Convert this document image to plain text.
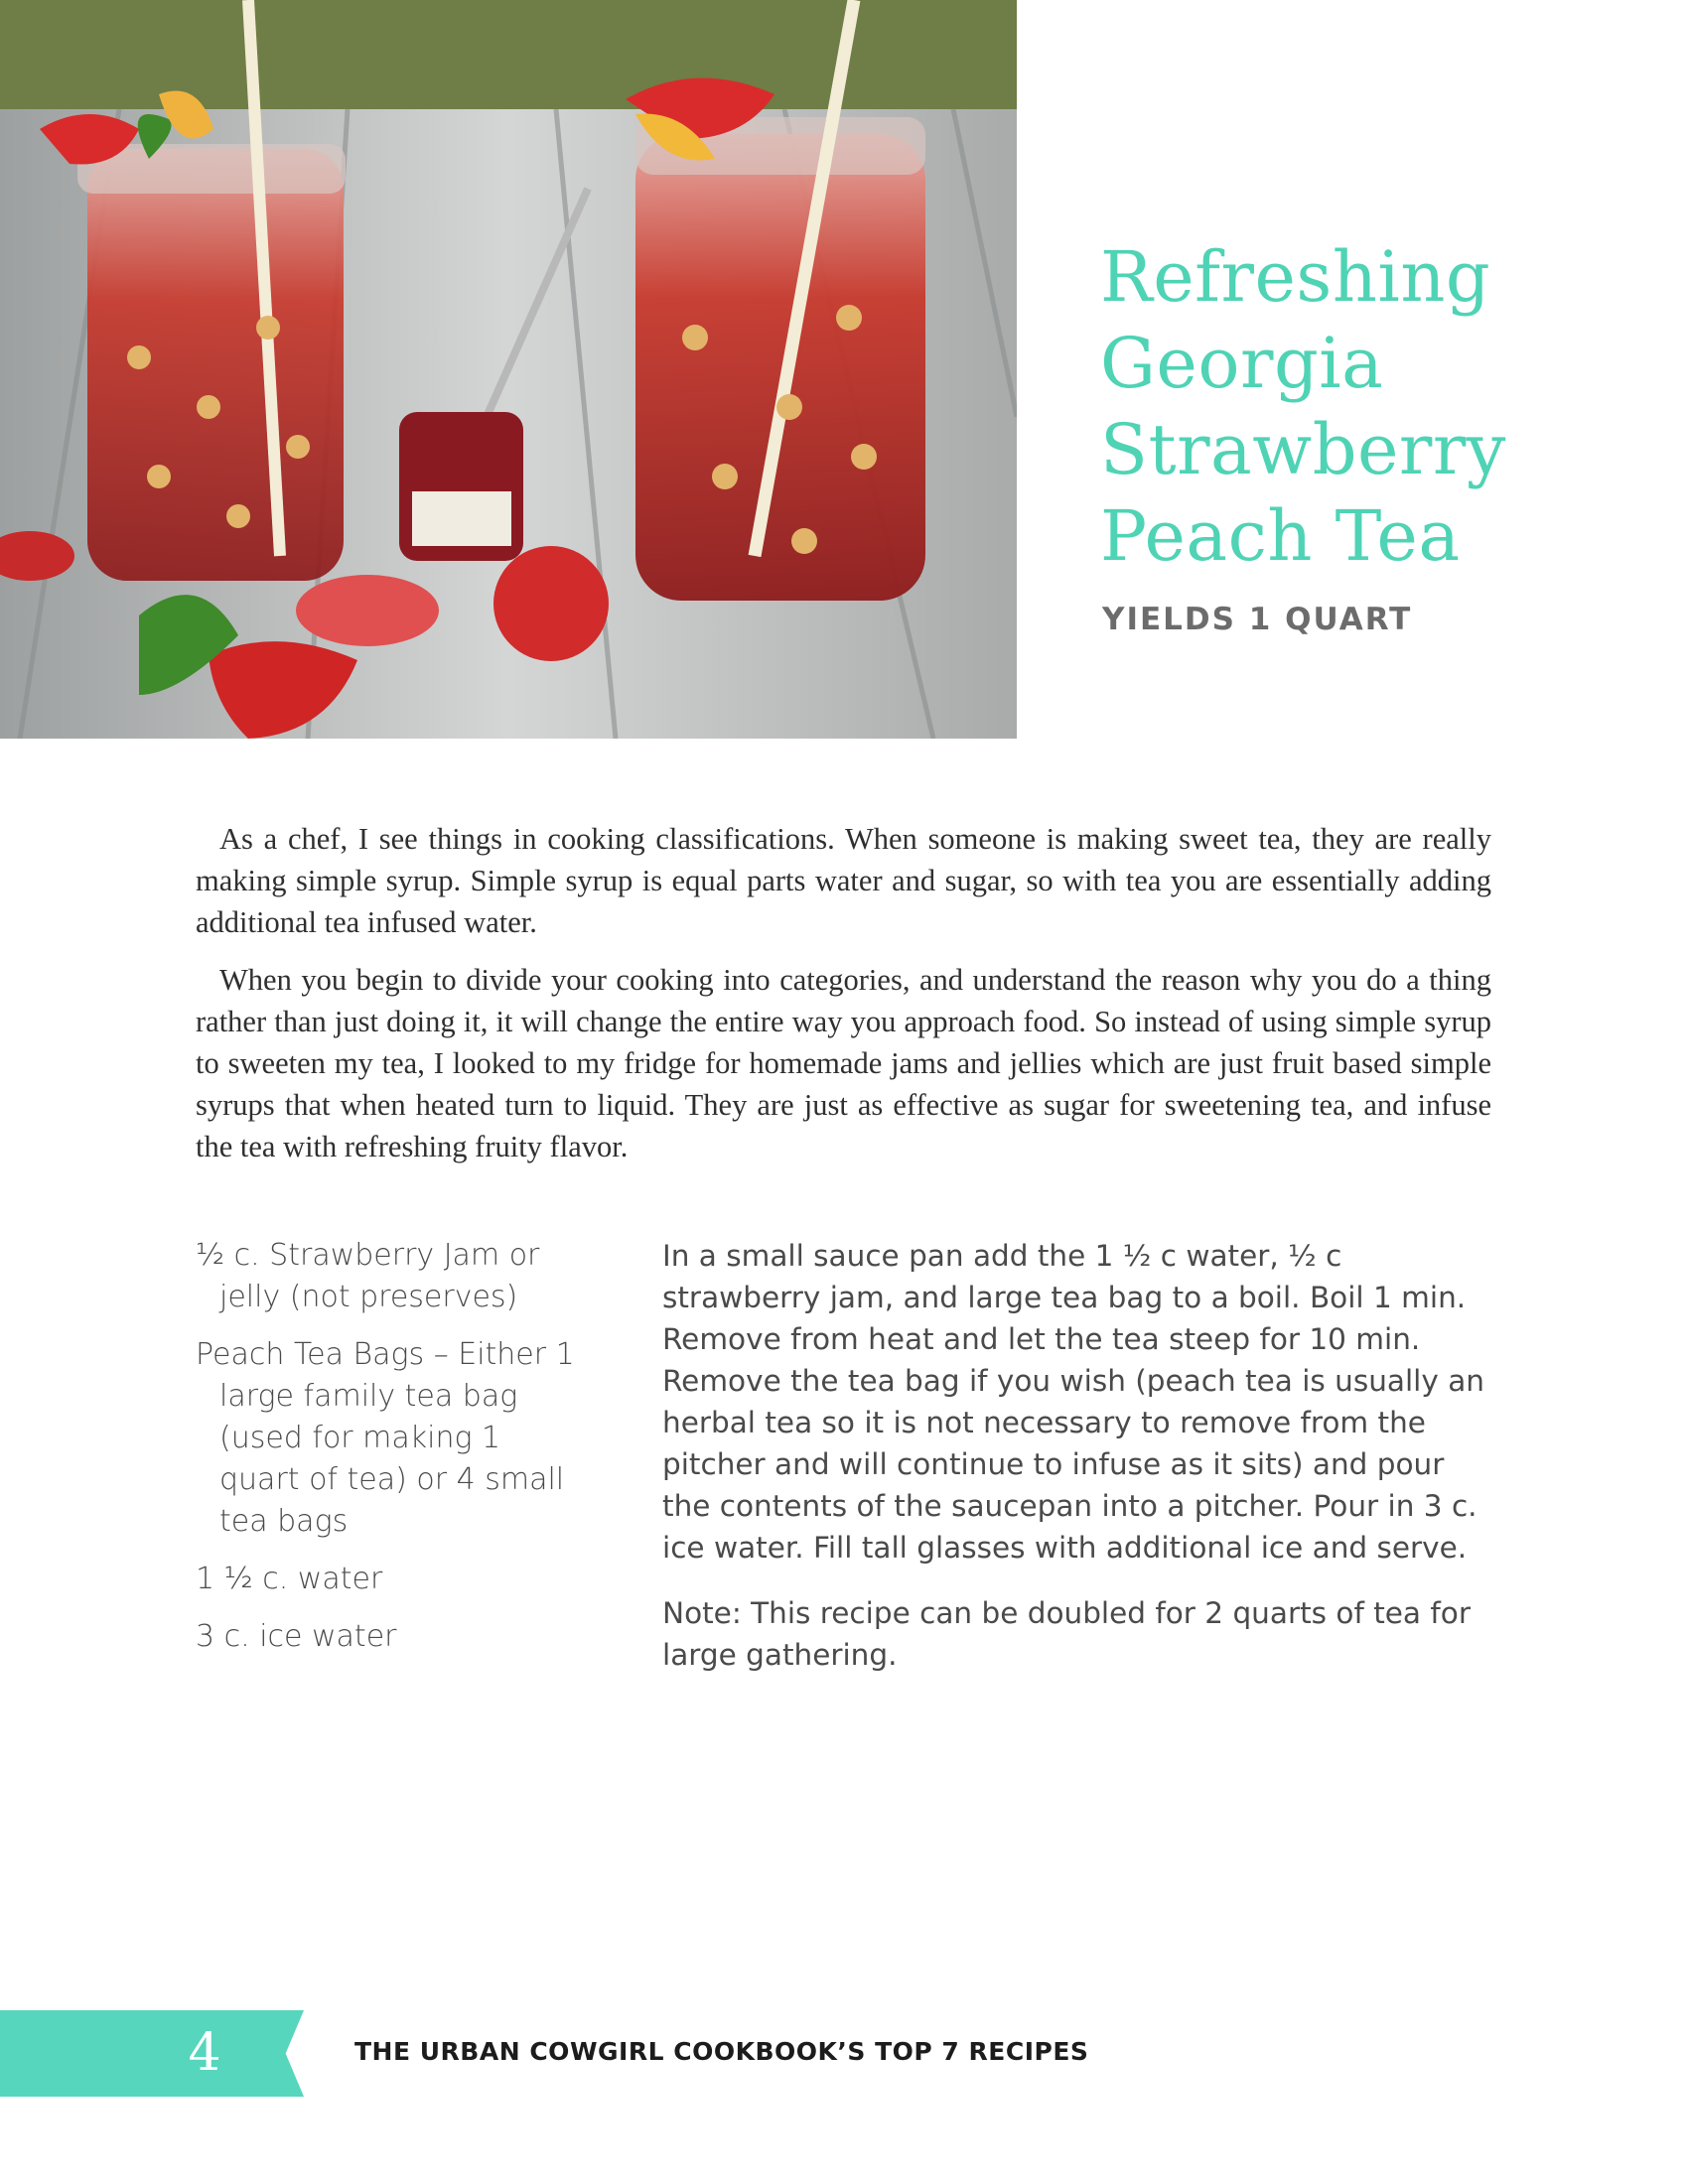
Refreshing
Georgia
Strawberry
Peach Tea
YIELDS 1 QUART

As a chef, I see things in cooking classifications. When someone is making sweet tea, they are really making simple syrup. Simple syrup is equal parts water and sugar, so with tea you are essentially adding additional tea infused water.

When you begin to divide your cooking into categories, and understand the reason why you do a thing rather than just doing it, it will change the entire way you approach food. So instead of using simple syrup to sweeten my tea, I looked to my fridge for homemade jams and jellies which are just fruit based simple syrups that when heated turn to liquid. They are just as effective as sugar for sweetening tea, and infuse the tea with refreshing fruity flavor.

½ c. Strawberry Jam or jelly (not preserves)
Peach Tea Bags – Either 1 large family tea bag (used for making 1 quart of tea) or 4 small tea bags
1 ½ c. water
3 c. ice water

In a small sauce pan add the 1 ½ c water, ½ c strawberry jam, and large tea bag to a boil. Boil 1 min. Remove from heat and let the tea steep for 10 min. Remove the tea bag if you wish (peach tea is usually an herbal tea so it is not necessary to remove from the pitcher and will continue to infuse as it sits) and pour the contents of the saucepan into a pitcher. Pour in 3 c. ice water. Fill tall glasses with additional ice and serve.

Note: This recipe can be doubled for 2 quarts of tea for large gathering.

4	THE URBAN COWGIRL COOKBOOK’S TOP 7 RECIPES
